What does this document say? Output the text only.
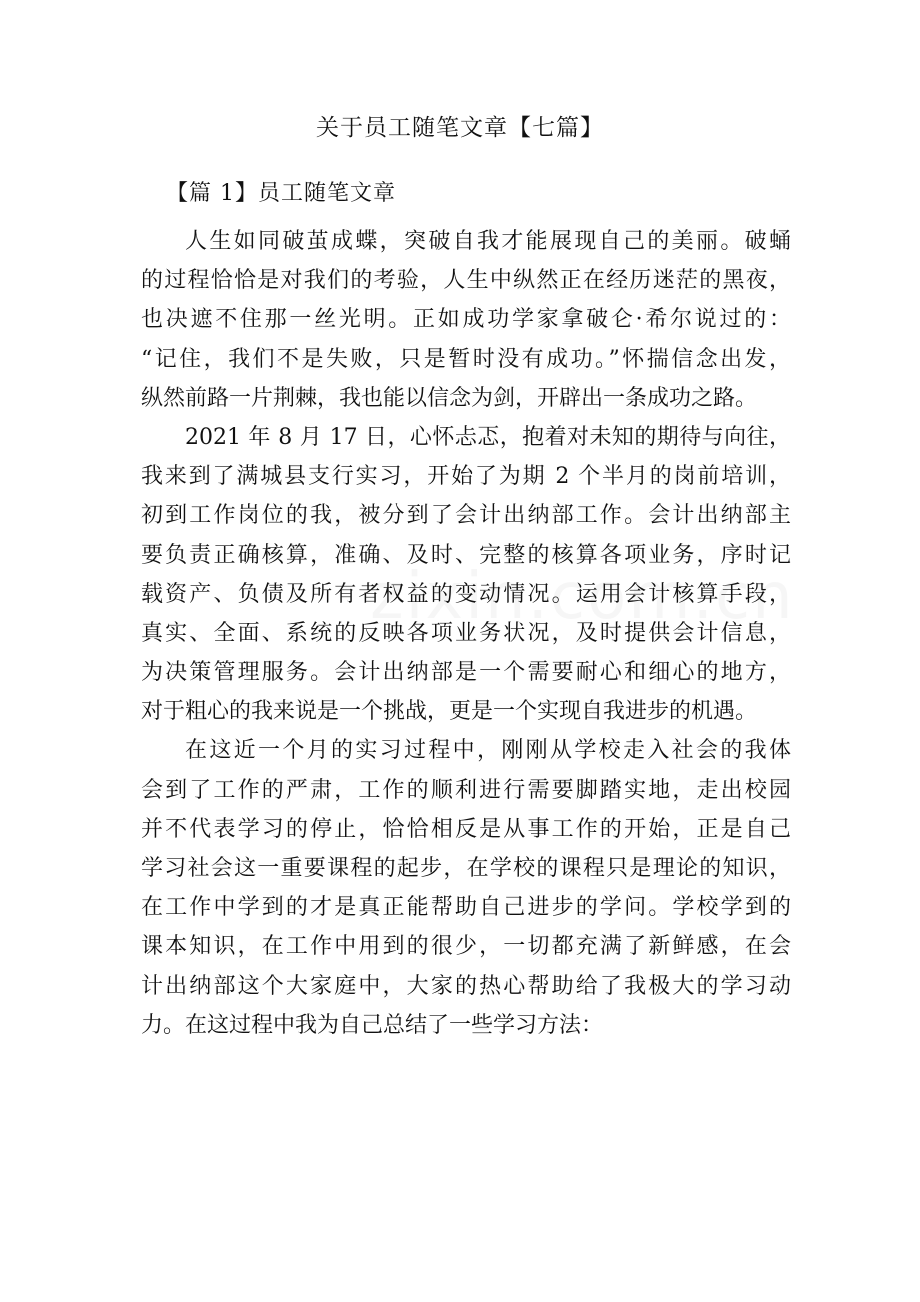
关于员工随笔文章【七篇】
【篇 1】员工随笔文章
人生如同破茧成蝶，突破自我才能展现自己的美丽。破蛹
的过程恰恰是对我们的考验，人生中纵然正在经历迷茫的黑夜，
也决遮不住那一丝光明。正如成功学家拿破仑·希尔说过的：
“记住，我们不是失败，只是暂时没有成功。”怀揣信念出发，
纵然前路一片荆棘，我也能以信念为剑，开辟出一条成功之路。
2021 年 8 月 17 日，心怀忐忑，抱着对未知的期待与向往，
我来到了满城县支行实习，开始了为期 2 个半月的岗前培训，
初到工作岗位的我，被分到了会计出纳部工作。会计出纳部主
要负责正确核算，准确、及时、完整的核算各项业务，序时记
载资产、负债及所有者权益的变动情况。运用会计核算手段，
真实、全面、系统的反映各项业务状况，及时提供会计信息，
为决策管理服务。会计出纳部是一个需要耐心和细心的地方，
对于粗心的我来说是一个挑战，更是一个实现自我进步的机遇。
在这近一个月的实习过程中，刚刚从学校走入社会的我体
会到了工作的严肃，工作的顺利进行需要脚踏实地，走出校园
并不代表学习的停止，恰恰相反是从事工作的开始，正是自己
学习社会这一重要课程的起步，在学校的课程只是理论的知识，
在工作中学到的才是真正能帮助自己进步的学问。学校学到的
课本知识，在工作中用到的很少，一切都充满了新鲜感，在会
计出纳部这个大家庭中，大家的热心帮助给了我极大的学习动
力。在这过程中我为自己总结了一些学习方法：
